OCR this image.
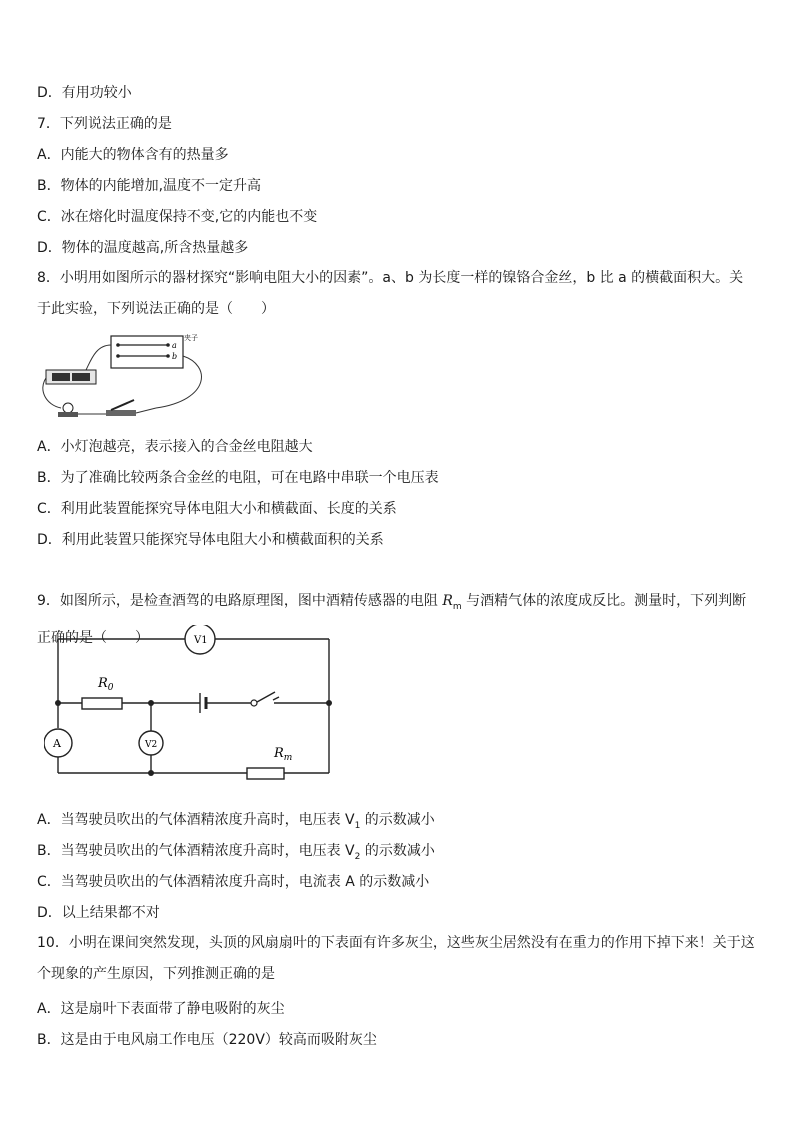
D．有用功较小
7．下列说法正确的是
A．内能大的物体含有的热量多
B．物体的内能增加,温度不一定升高
C．冰在熔化时温度保持不变,它的内能也不变
D．物体的温度越高,所含热量越多
8．小明用如图所示的器材探究“影响电阻大小的因素”。a、b 为长度一样的镍铬合金丝，b 比 a 的横截面积大。关于此实验，下列说法正确的是（　　）
a
b
夹子
A．小灯泡越亮，表示接入的合金丝电阻越大
B．为了准确比较两条合金丝的电阻，可在电路中串联一个电压表
C．利用此装置能探究导体电阻大小和横截面、长度的关系
D．利用此装置只能探究导体电阻大小和横截面积的关系
9．如图所示，是检查酒驾的电路原理图，图中酒精传感器的电阻 $R_m$ 与酒精气体的浓度成反比。测量时，下列判断正确的是（　　）	V1
V2
A
$R_0$
$R_m$
A．当驾驶员吹出的气体酒精浓度升高时，电压表 $V_1$ 的示数减小
B．当驾驶员吹出的气体酒精浓度升高时，电压表 $V_2$ 的示数减小
C．当驾驶员吹出的气体酒精浓度升高时，电流表 A 的示数减小
D．以上结果都不对
10．小明在课间突然发现，头顶的风扇扇叶的下表面有许多灰尘，这些灰尘居然没有在重力的作用下掉下来！关于这个现象的产生原因，下列推测正确的是
A．这是扇叶下表面带了静电吸附的灰尘
B．这是由于电风扇工作电压（220V）较高而吸附灰尘
